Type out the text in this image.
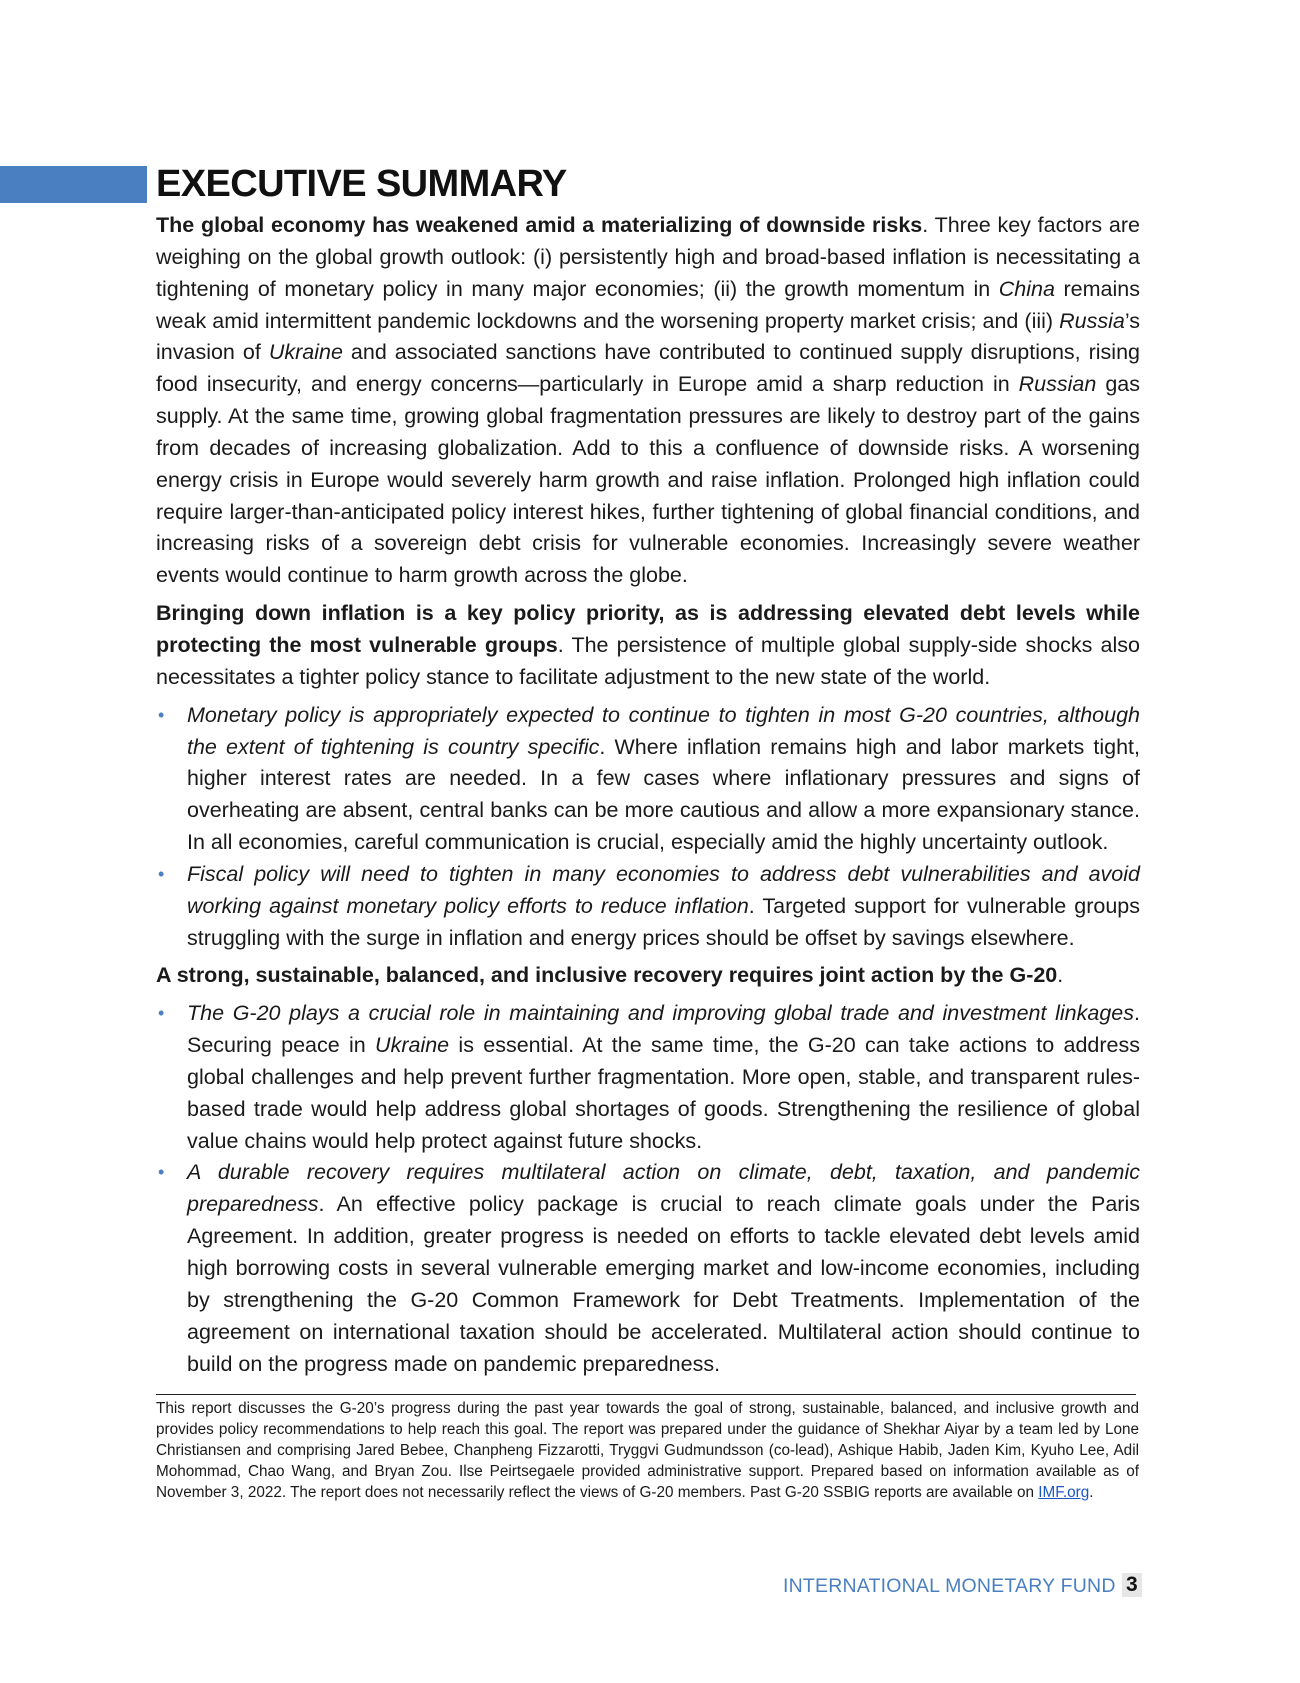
EXECUTIVE SUMMARY

The global economy has weakened amid a materializing of downside risks. Three key factors are weighing on the global growth outlook: (i) persistently high and broad-based inflation is necessitating a tightening of monetary policy in many major economies; (ii) the growth momentum in China remains weak amid intermittent pandemic lockdowns and the worsening property market crisis; and (iii) Russia’s invasion of Ukraine and associated sanctions have contributed to continued supply disruptions, rising food insecurity, and energy concerns—particularly in Europe amid a sharp reduction in Russian gas supply. At the same time, growing global fragmentation pressures are likely to destroy part of the gains from decades of increasing globalization. Add to this a confluence of downside risks. A worsening energy crisis in Europe would severely harm growth and raise inflation. Prolonged high inflation could require larger-than-anticipated policy interest hikes, further tightening of global financial conditions, and increasing risks of a sovereign debt crisis for vulnerable economies. Increasingly severe weather events would continue to harm growth across the globe.

Bringing down inflation is a key policy priority, as is addressing elevated debt levels while protecting the most vulnerable groups. The persistence of multiple global supply-side shocks also necessitates a tighter policy stance to facilitate adjustment to the new state of the world.

• Monetary policy is appropriately expected to continue to tighten in most G-20 countries, although the extent of tightening is country specific. Where inflation remains high and labor markets tight, higher interest rates are needed. In a few cases where inflationary pressures and signs of overheating are absent, central banks can be more cautious and allow a more expansionary stance. In all economies, careful communication is crucial, especially amid the highly uncertainty outlook.
• Fiscal policy will need to tighten in many economies to address debt vulnerabilities and avoid working against monetary policy efforts to reduce inflation. Targeted support for vulnerable groups struggling with the surge in inflation and energy prices should be offset by savings elsewhere.

A strong, sustainable, balanced, and inclusive recovery requires joint action by the G-20.

• The G-20 plays a crucial role in maintaining and improving global trade and investment linkages. Securing peace in Ukraine is essential. At the same time, the G-20 can take actions to address global challenges and help prevent further fragmentation. More open, stable, and transparent rules-based trade would help address global shortages of goods. Strengthening the resilience of global value chains would help protect against future shocks.
• A durable recovery requires multilateral action on climate, debt, taxation, and pandemic preparedness. An effective policy package is crucial to reach climate goals under the Paris Agreement. In addition, greater progress is needed on efforts to tackle elevated debt levels amid high borrowing costs in several vulnerable emerging market and low-income economies, including by strengthening the G-20 Common Framework for Debt Treatments. Implementation of the agreement on international taxation should be accelerated. Multilateral action should continue to build on the progress made on pandemic preparedness.

This report discusses the G-20’s progress during the past year towards the goal of strong, sustainable, balanced, and inclusive growth and provides policy recommendations to help reach this goal. The report was prepared under the guidance of Shekhar Aiyar by a team led by Lone Christiansen and comprising Jared Bebee, Chanpheng Fizzarotti, Tryggvi Gudmundsson (co-lead), Ashique Habib, Jaden Kim, Kyuho Lee, Adil Mohommad, Chao Wang, and Bryan Zou. Ilse Peirtsegaele provided administrative support. Prepared based on information available as of November 3, 2022. The report does not necessarily reflect the views of G-20 members. Past G-20 SSBIG reports are available on IMF.org.

INTERNATIONAL MONETARY FUND 3
